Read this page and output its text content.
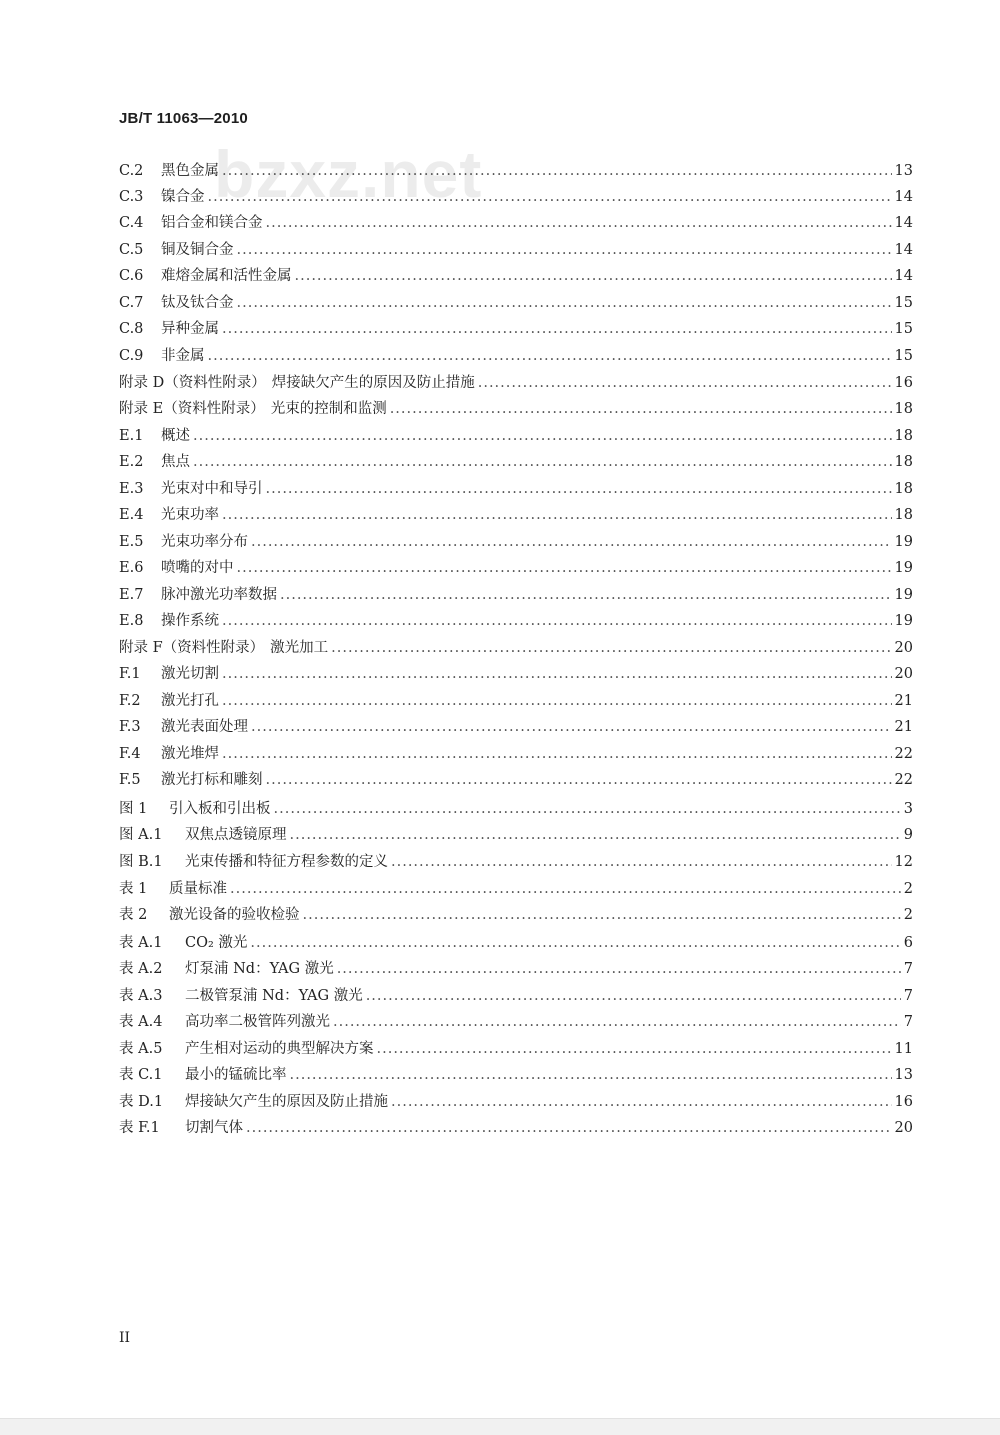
JB/T 11063—2010
bzxz.net
C.2	黑色金属 .....	13
C.3	镍合金 .....	14
C.4	铝合金和镁合金 .....	14
C.5	铜及铜合金 .....	14
C.6	难熔金属和活性金属 .....	14
C.7	钛及钛合金 .....	15
C.8	异种金属 .....	15
C.9	非金属 .....	15
附录 D（资料性附录） 焊接缺欠产生的原因及防止措施 .....	16
附录 E（资料性附录） 光束的控制和监测 .....	18
E.1	概述 .....	18
E.2	焦点 .....	18
E.3	光束对中和导引 .....	18
E.4	光束功率 .....	18
E.5	光束功率分布 .....	19
E.6	喷嘴的对中 .....	19
E.7	脉冲激光功率数据 .....	19
E.8	操作系统 .....	19
附录 F（资料性附录） 激光加工 .....	20
F.1	激光切割 .....	20
F.2	激光打孔 .....	21
F.3	激光表面处理 .....	21
F.4	激光堆焊 .....	22
F.5	激光打标和雕刻 .....	22
图 1	引入板和引出板 .....	3
图 A.1	双焦点透镜原理 .....	9
图 B.1	光束传播和特征方程参数的定义 .....	12
表 1	质量标准 .....	2
表 2	激光设备的验收检验 .....	2
表 A.1	CO₂ 激光 .....	6
表 A.2	灯泵浦 Nd：YAG 激光 .....	7
表 A.3	二极管泵浦 Nd：YAG 激光 .....	7
表 A.4	高功率二极管阵列激光 .....	7
表 A.5	产生相对运动的典型解决方案 .....	11
表 C.1	最小的锰硫比率 .....	13
表 D.1	焊接缺欠产生的原因及防止措施 .....	16
表 F.1	切割气体 .....	20
II
